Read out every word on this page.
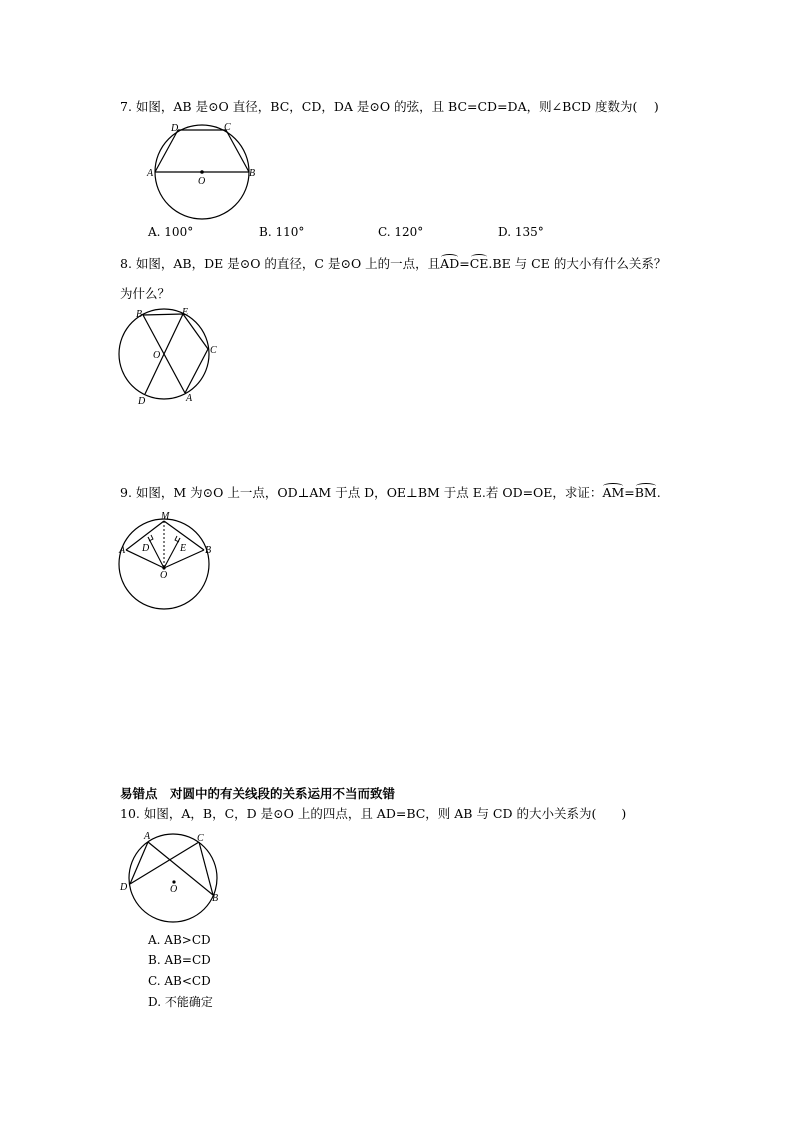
7. 如图，AB 是⊙O 直径，BC，CD，DA 是⊙O 的弦，且 BC=CD=DA，则∠BCD 度数为(　 )
A	B
D	C
O
A. 100°	B. 110°	C. 120°	D. 135°
8. 如图，AB，DE 是⊙O 的直径，C 是⊙O 上的一点，且AD=CE.BE 与 CE 的大小有什么关系？
为什么？
B	E
C
A
D
O
9. 如图，M 为⊙O 上一点，OD⊥AM 于点 D，OE⊥BM 于点 E.若 OD=OE，求证：AM=BM.
M
A	B
D	E
O
易错点　对圆中的有关线段的关系运用不当而致错
10. 如图，A，B，C，D 是⊙O 上的四点，且 AD=BC，则 AB 与 CD 的大小关系为(　　)
A	C
D
B
O
A. AB>CD
B. AB=CD
C. AB<CD
D. 不能确定
